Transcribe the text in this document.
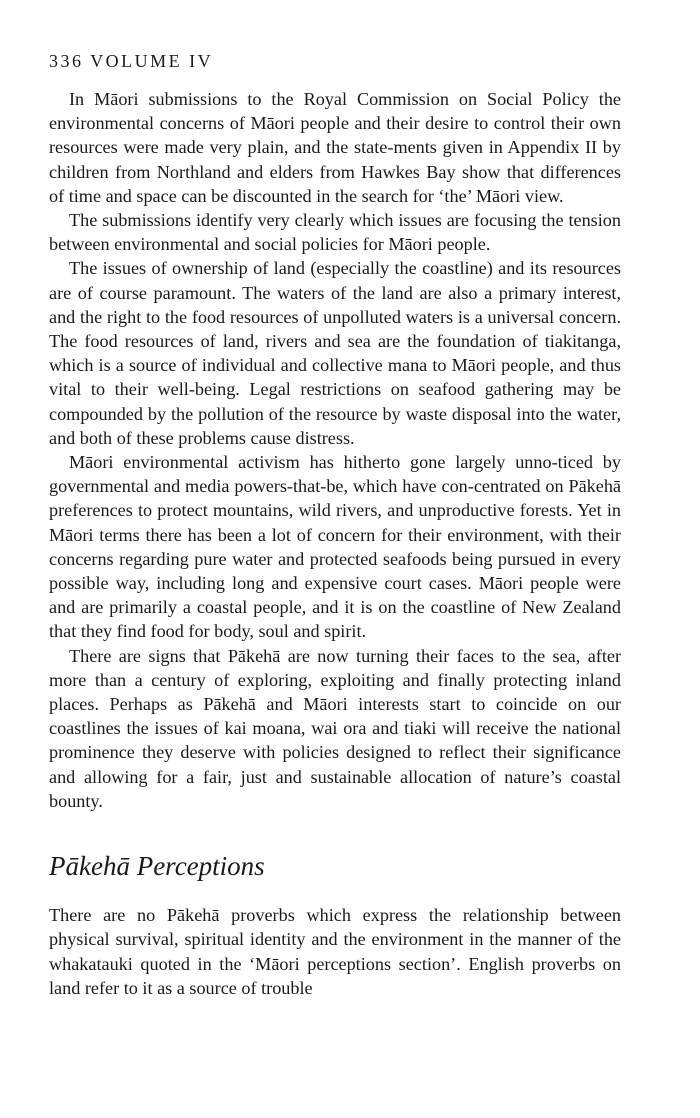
336 VOLUME IV

In Māori submissions to the Royal Commission on Social Policy the environmental concerns of Māori people and their desire to control their own resources were made very plain, and the state-ments given in Appendix II by children from Northland and elders from Hawkes Bay show that differences of time and space can be discounted in the search for ‘the’ Māori view.

The submissions identify very clearly which issues are focusing the tension between environmental and social policies for Māori people.

The issues of ownership of land (especially the coastline) and its resources are of course paramount. The waters of the land are also a primary interest, and the right to the food resources of unpolluted waters is a universal concern. The food resources of land, rivers and sea are the foundation of tiakitanga, which is a source of individual and collective mana to Māori people, and thus vital to their well-being. Legal restrictions on seafood gathering may be compounded by the pollution of the resource by waste disposal into the water, and both of these problems cause distress.

Māori environmental activism has hitherto gone largely unno-ticed by governmental and media powers-that-be, which have con-centrated on Pākehā preferences to protect mountains, wild rivers, and unproductive forests. Yet in Māori terms there has been a lot of concern for their environment, with their concerns regarding pure water and protected seafoods being pursued in every possible way, including long and expensive court cases. Māori people were and are primarily a coastal people, and it is on the coastline of New Zealand that they find food for body, soul and spirit.

There are signs that Pākehā are now turning their faces to the sea, after more than a century of exploring, exploiting and finally protecting inland places. Perhaps as Pākehā and Māori interests start to coincide on our coastlines the issues of kai moana, wai ora and tiaki will receive the national prominence they deserve with policies designed to reflect their significance and allowing for a fair, just and sustainable allocation of nature’s coastal bounty.

Pākehā Perceptions

There are no Pākehā proverbs which express the relationship between physical survival, spiritual identity and the environment in the manner of the whakatauki quoted in the ‘Māori perceptions section’. English proverbs on land refer to it as a source of trouble
